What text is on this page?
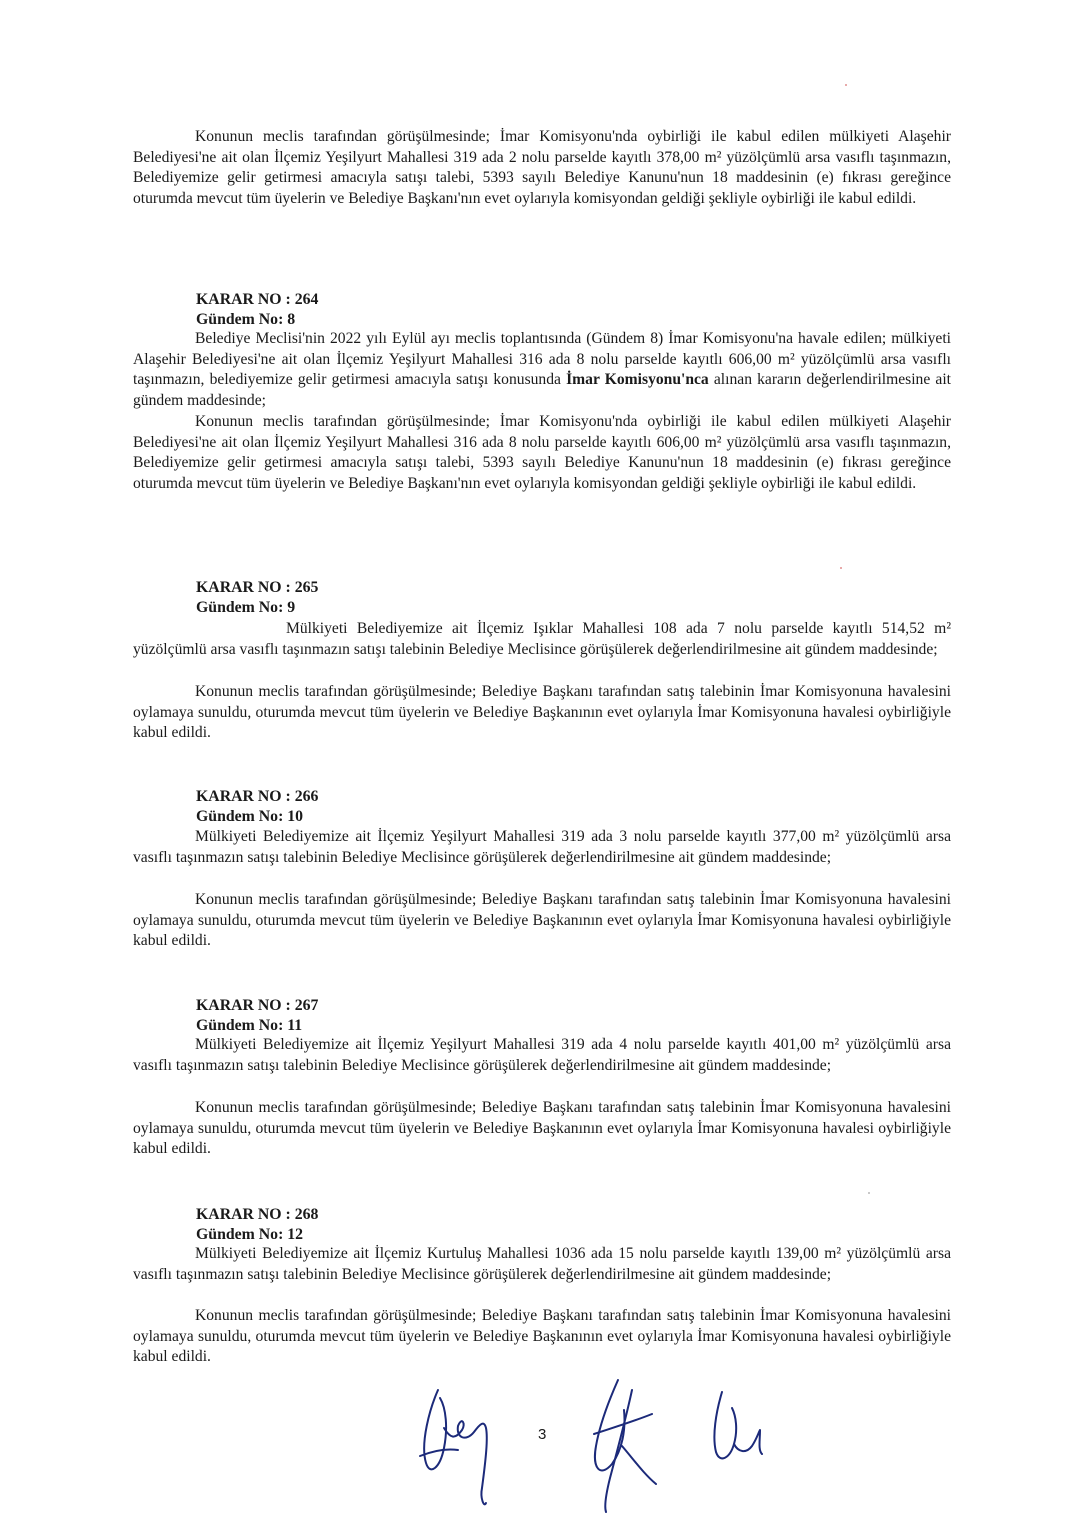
Konunun meclis tarafından görüşülmesinde; İmar Komisyonu'nda oybirliği ile kabul edilen mülkiyeti Alaşehir Belediyesi'ne ait olan İlçemiz Yeşilyurt Mahallesi 319 ada 2 nolu parselde kayıtlı 378,00 m² yüzölçümlü arsa vasıflı taşınmazın, Belediyemize gelir getirmesi amacıyla satışı talebi, 5393 sayılı Belediye Kanunu'nun 18 maddesinin (e) fıkrası gereğince oturumda mevcut tüm üyelerin ve Belediye Başkanı'nın evet oylarıyla komisyondan geldiği şekliyle oybirliği ile kabul edildi.

KARAR NO : 264

Gündem No: 8

Belediye Meclisi'nin 2022 yılı Eylül ayı meclis toplantısında (Gündem 8) İmar Komisyonu'na havale edilen; mülkiyeti Alaşehir Belediyesi'ne ait olan İlçemiz Yeşilyurt Mahallesi 316 ada 8 nolu parselde kayıtlı 606,00 m² yüzölçümlü arsa vasıflı taşınmazın, belediyemize gelir getirmesi amacıyla satışı konusunda İmar Komisyonu'nca alınan kararın değerlendirilmesine ait gündem maddesinde;

Konunun meclis tarafından görüşülmesinde; İmar Komisyonu'nda oybirliği ile kabul edilen mülkiyeti Alaşehir Belediyesi'ne ait olan İlçemiz Yeşilyurt Mahallesi 316 ada 8 nolu parselde kayıtlı 606,00 m² yüzölçümlü arsa vasıflı taşınmazın, Belediyemize gelir getirmesi amacıyla satışı talebi, 5393 sayılı Belediye Kanunu'nun 18 maddesinin (e) fıkrası gereğince oturumda mevcut tüm üyelerin ve Belediye Başkanı'nın evet oylarıyla komisyondan geldiği şekliyle oybirliği ile kabul edildi.

KARAR NO : 265

Gündem No: 9

Mülkiyeti Belediyemize ait İlçemiz Işıklar Mahallesi 108 ada 7 nolu parselde kayıtlı 514,52 m² yüzölçümlü arsa vasıflı taşınmazın satışı talebinin Belediye Meclisince görüşülerek değerlendirilmesine ait gündem maddesinde;

Konunun meclis tarafından görüşülmesinde; Belediye Başkanı tarafından satış talebinin İmar Komisyonuna havalesini oylamaya sunuldu, oturumda mevcut tüm üyelerin ve Belediye Başkanının evet oylarıyla İmar Komisyonuna havalesi oybirliğiyle kabul edildi.

KARAR NO : 266

Gündem No: 10

Mülkiyeti Belediyemize ait İlçemiz Yeşilyurt Mahallesi 319 ada 3 nolu parselde kayıtlı 377,00 m² yüzölçümlü arsa vasıflı taşınmazın satışı talebinin Belediye Meclisince görüşülerek değerlendirilmesine ait gündem maddesinde;

Konunun meclis tarafından görüşülmesinde; Belediye Başkanı tarafından satış talebinin İmar Komisyonuna havalesini oylamaya sunuldu, oturumda mevcut tüm üyelerin ve Belediye Başkanının evet oylarıyla İmar Komisyonuna havalesi oybirliğiyle kabul edildi.

KARAR NO : 267

Gündem No: 11

Mülkiyeti Belediyemize ait İlçemiz Yeşilyurt Mahallesi 319 ada 4 nolu parselde kayıtlı 401,00 m² yüzölçümlü arsa vasıflı taşınmazın satışı talebinin Belediye Meclisince görüşülerek değerlendirilmesine ait gündem maddesinde;

Konunun meclis tarafından görüşülmesinde; Belediye Başkanı tarafından satış talebinin İmar Komisyonuna havalesini oylamaya sunuldu, oturumda mevcut tüm üyelerin ve Belediye Başkanının evet oylarıyla İmar Komisyonuna havalesi oybirliğiyle kabul edildi.

KARAR NO : 268

Gündem No: 12

Mülkiyeti Belediyemize ait İlçemiz Kurtuluş Mahallesi 1036 ada 15 nolu parselde kayıtlı 139,00 m² yüzölçümlü arsa vasıflı taşınmazın satışı talebinin Belediye Meclisince görüşülerek değerlendirilmesine ait gündem maddesinde;

Konunun meclis tarafından görüşülmesinde; Belediye Başkanı tarafından satış talebinin İmar Komisyonuna havalesini oylamaya sunuldu, oturumda mevcut tüm üyelerin ve Belediye Başkanının evet oylarıyla İmar Komisyonuna havalesi oybirliğiyle kabul edildi.

3
